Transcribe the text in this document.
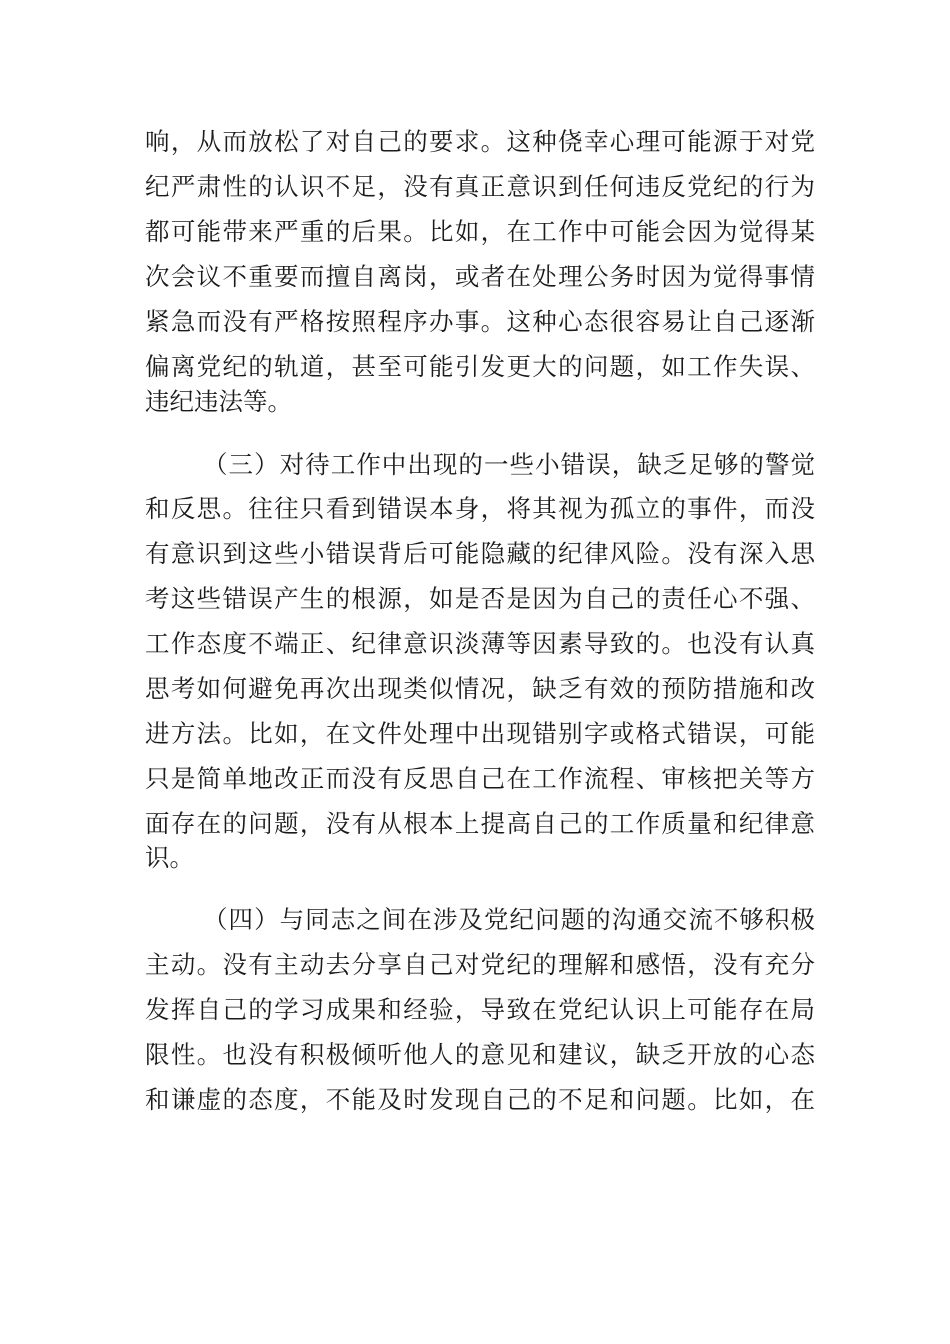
响，从而放松了对自己的要求。这种侥幸心理可能源于对党
纪严肃性的认识不足，没有真正意识到任何违反党纪的行为
都可能带来严重的后果。比如，在工作中可能会因为觉得某
次会议不重要而擅自离岗，或者在处理公务时因为觉得事情
紧急而没有严格按照程序办事。这种心态很容易让自己逐渐
偏离党纪的轨道，甚至可能引发更大的问题，如工作失误、
违纪违法等。
（三）对待工作中出现的一些小错误，缺乏足够的警觉
和反思。往往只看到错误本身，将其视为孤立的事件，而没
有意识到这些小错误背后可能隐藏的纪律风险。没有深入思
考这些错误产生的根源，如是否是因为自己的责任心不强、
工作态度不端正、纪律意识淡薄等因素导致的。也没有认真
思考如何避免再次出现类似情况，缺乏有效的预防措施和改
进方法。比如，在文件处理中出现错别字或格式错误，可能
只是简单地改正而没有反思自己在工作流程、审核把关等方
面存在的问题，没有从根本上提高自己的工作质量和纪律意
识。
（四）与同志之间在涉及党纪问题的沟通交流不够积极
主动。没有主动去分享自己对党纪的理解和感悟，没有充分
发挥自己的学习成果和经验，导致在党纪认识上可能存在局
限性。也没有积极倾听他人的意见和建议，缺乏开放的心态
和谦虚的态度，不能及时发现自己的不足和问题。比如，在
